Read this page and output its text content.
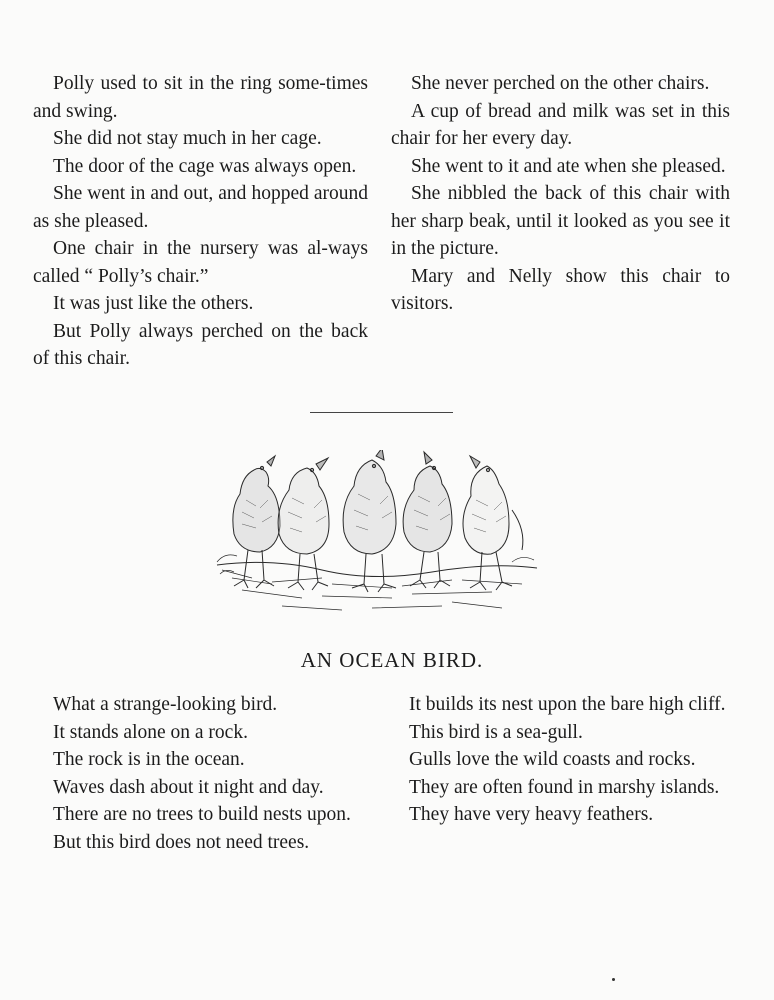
Polly used to sit in the ring some-times and swing.

She did not stay much in her cage.

The door of the cage was always open.

She went in and out, and hopped around as she pleased.

One chair in the nursery was al-ways called “ Polly’s chair.”

It was just like the others.

But Polly always perched on the back of this chair.

She never perched on the other chairs.

A cup of bread and milk was set in this chair for her every day.

She went to it and ate when she pleased.

She nibbled the back of this chair with her sharp beak, until it looked as you see it in the picture.

Mary and Nelly show this chair to visitors.

AN OCEAN BIRD.

What a strange-looking bird.

It stands alone on a rock.

The rock is in the ocean.

Waves dash about it night and day.

There are no trees to build nests upon.

But this bird does not need trees.

It builds its nest upon the bare high cliff.

This bird is a sea-gull.

Gulls love the wild coasts and rocks.

They are often found in marshy islands.

They have very heavy feathers.
